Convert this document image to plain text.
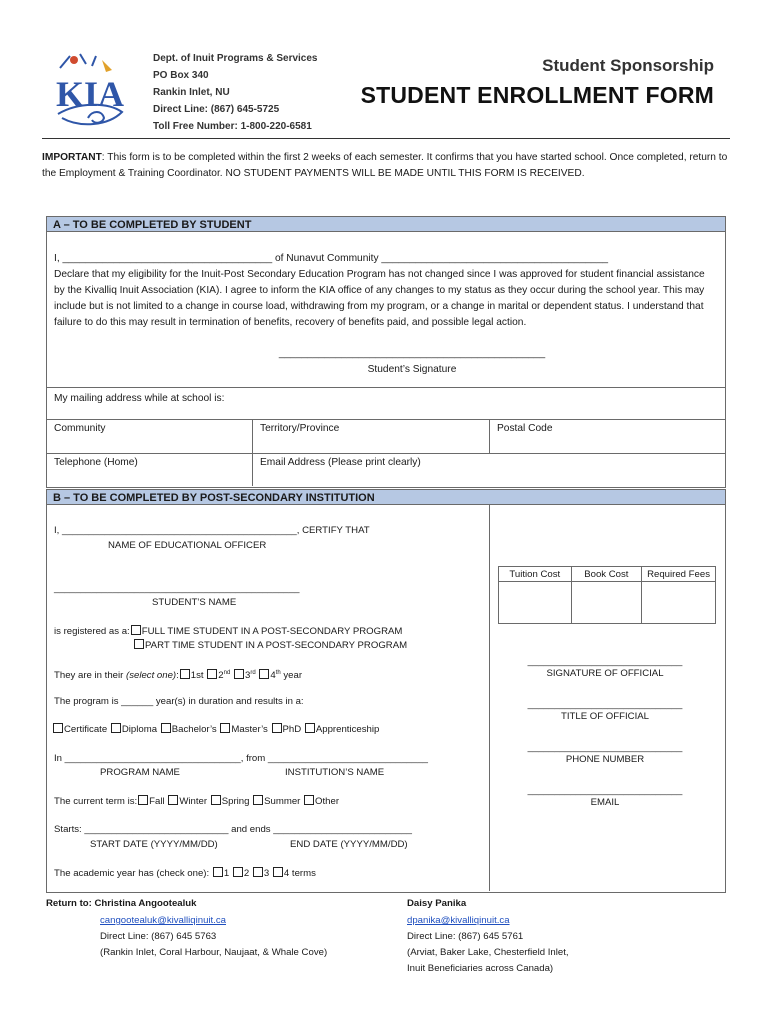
KIA
Dept. of Inuit Programs & Services
PO Box 340
Rankin Inlet, NU
Direct Line: (867) 645-5725
Toll Free Number: 1-800-220-6581
Student Sponsorship
STUDENT ENROLLMENT FORM
IMPORTANT: This form is to be completed within the first 2 weeks of each semester. It confirms that you have started school. Once completed, return to the Employment & Training Coordinator. NO STUDENT PAYMENTS WILL BE MADE UNTIL THIS FORM IS RECEIVED.
A – TO BE COMPLETED BY STUDENT
I, _____________________________________ of Nunavut Community ________________________________________
Declare that my eligibility for the Inuit-Post Secondary Education Program has not changed since I was approved for student financial assistance by the Kivalliq Inuit Association (KIA). I agree to inform the KIA office of any changes to my status as they occur during the school year. This may include but is not limited to a change in course load, withdrawing from my program, or a change in marital or dependent status. I understand that failure to do this may result in termination of benefits, recovery of benefits paid, and possible legal action.
_______________________________________________
Student’s Signature
My mailing address while at school is:
Community	Territory/Province	Postal Code
Telephone (Home)	Email Address (Please print clearly)
B – TO BE COMPLETED BY POST-SECONDARY INSTITUTION
I, ____________________________________________, CERTIFY THAT
NAME OF EDUCATIONAL OFFICER
______________________________________________
STUDENT’S NAME
is registered as a: FULL TIME STUDENT IN A POST-SECONDARY PROGRAM
PART TIME STUDENT IN A POST-SECONDARY PROGRAM
They are in their (select one): 1st 2nd 3rd 4th year
The program is ______ year(s) in duration and results in a:
Certificate Diploma Bachelor’s Master’s PhD Apprenticeship
In _________________________________, from ______________________________
PROGRAM NAME	INSTITUTION’S NAME
The current term is: Fall Winter Spring Summer Other
Starts: ___________________________ and ends __________________________
START DATE (YYYY/MM/DD)	END DATE (YYYY/MM/DD)
The academic year has (check one): 1 2 3 4 terms
Tuition Cost	Book Cost	Required Fees

_____________________________
SIGNATURE OF OFFICIAL
_____________________________
TITLE OF OFFICIAL
_____________________________
PHONE NUMBER
_____________________________
EMAIL
Return to: Christina Angootealuk
cangootealuk@kivalliqinuit.ca
Direct Line: (867) 645 5763
(Rankin Inlet, Coral Harbour, Naujaat, & Whale Cove)
Daisy Panika
dpanika@kivalliqinuit.ca
Direct Line: (867) 645 5761
(Arviat, Baker Lake, Chesterfield Inlet,
Inuit Beneficiaries across Canada)
